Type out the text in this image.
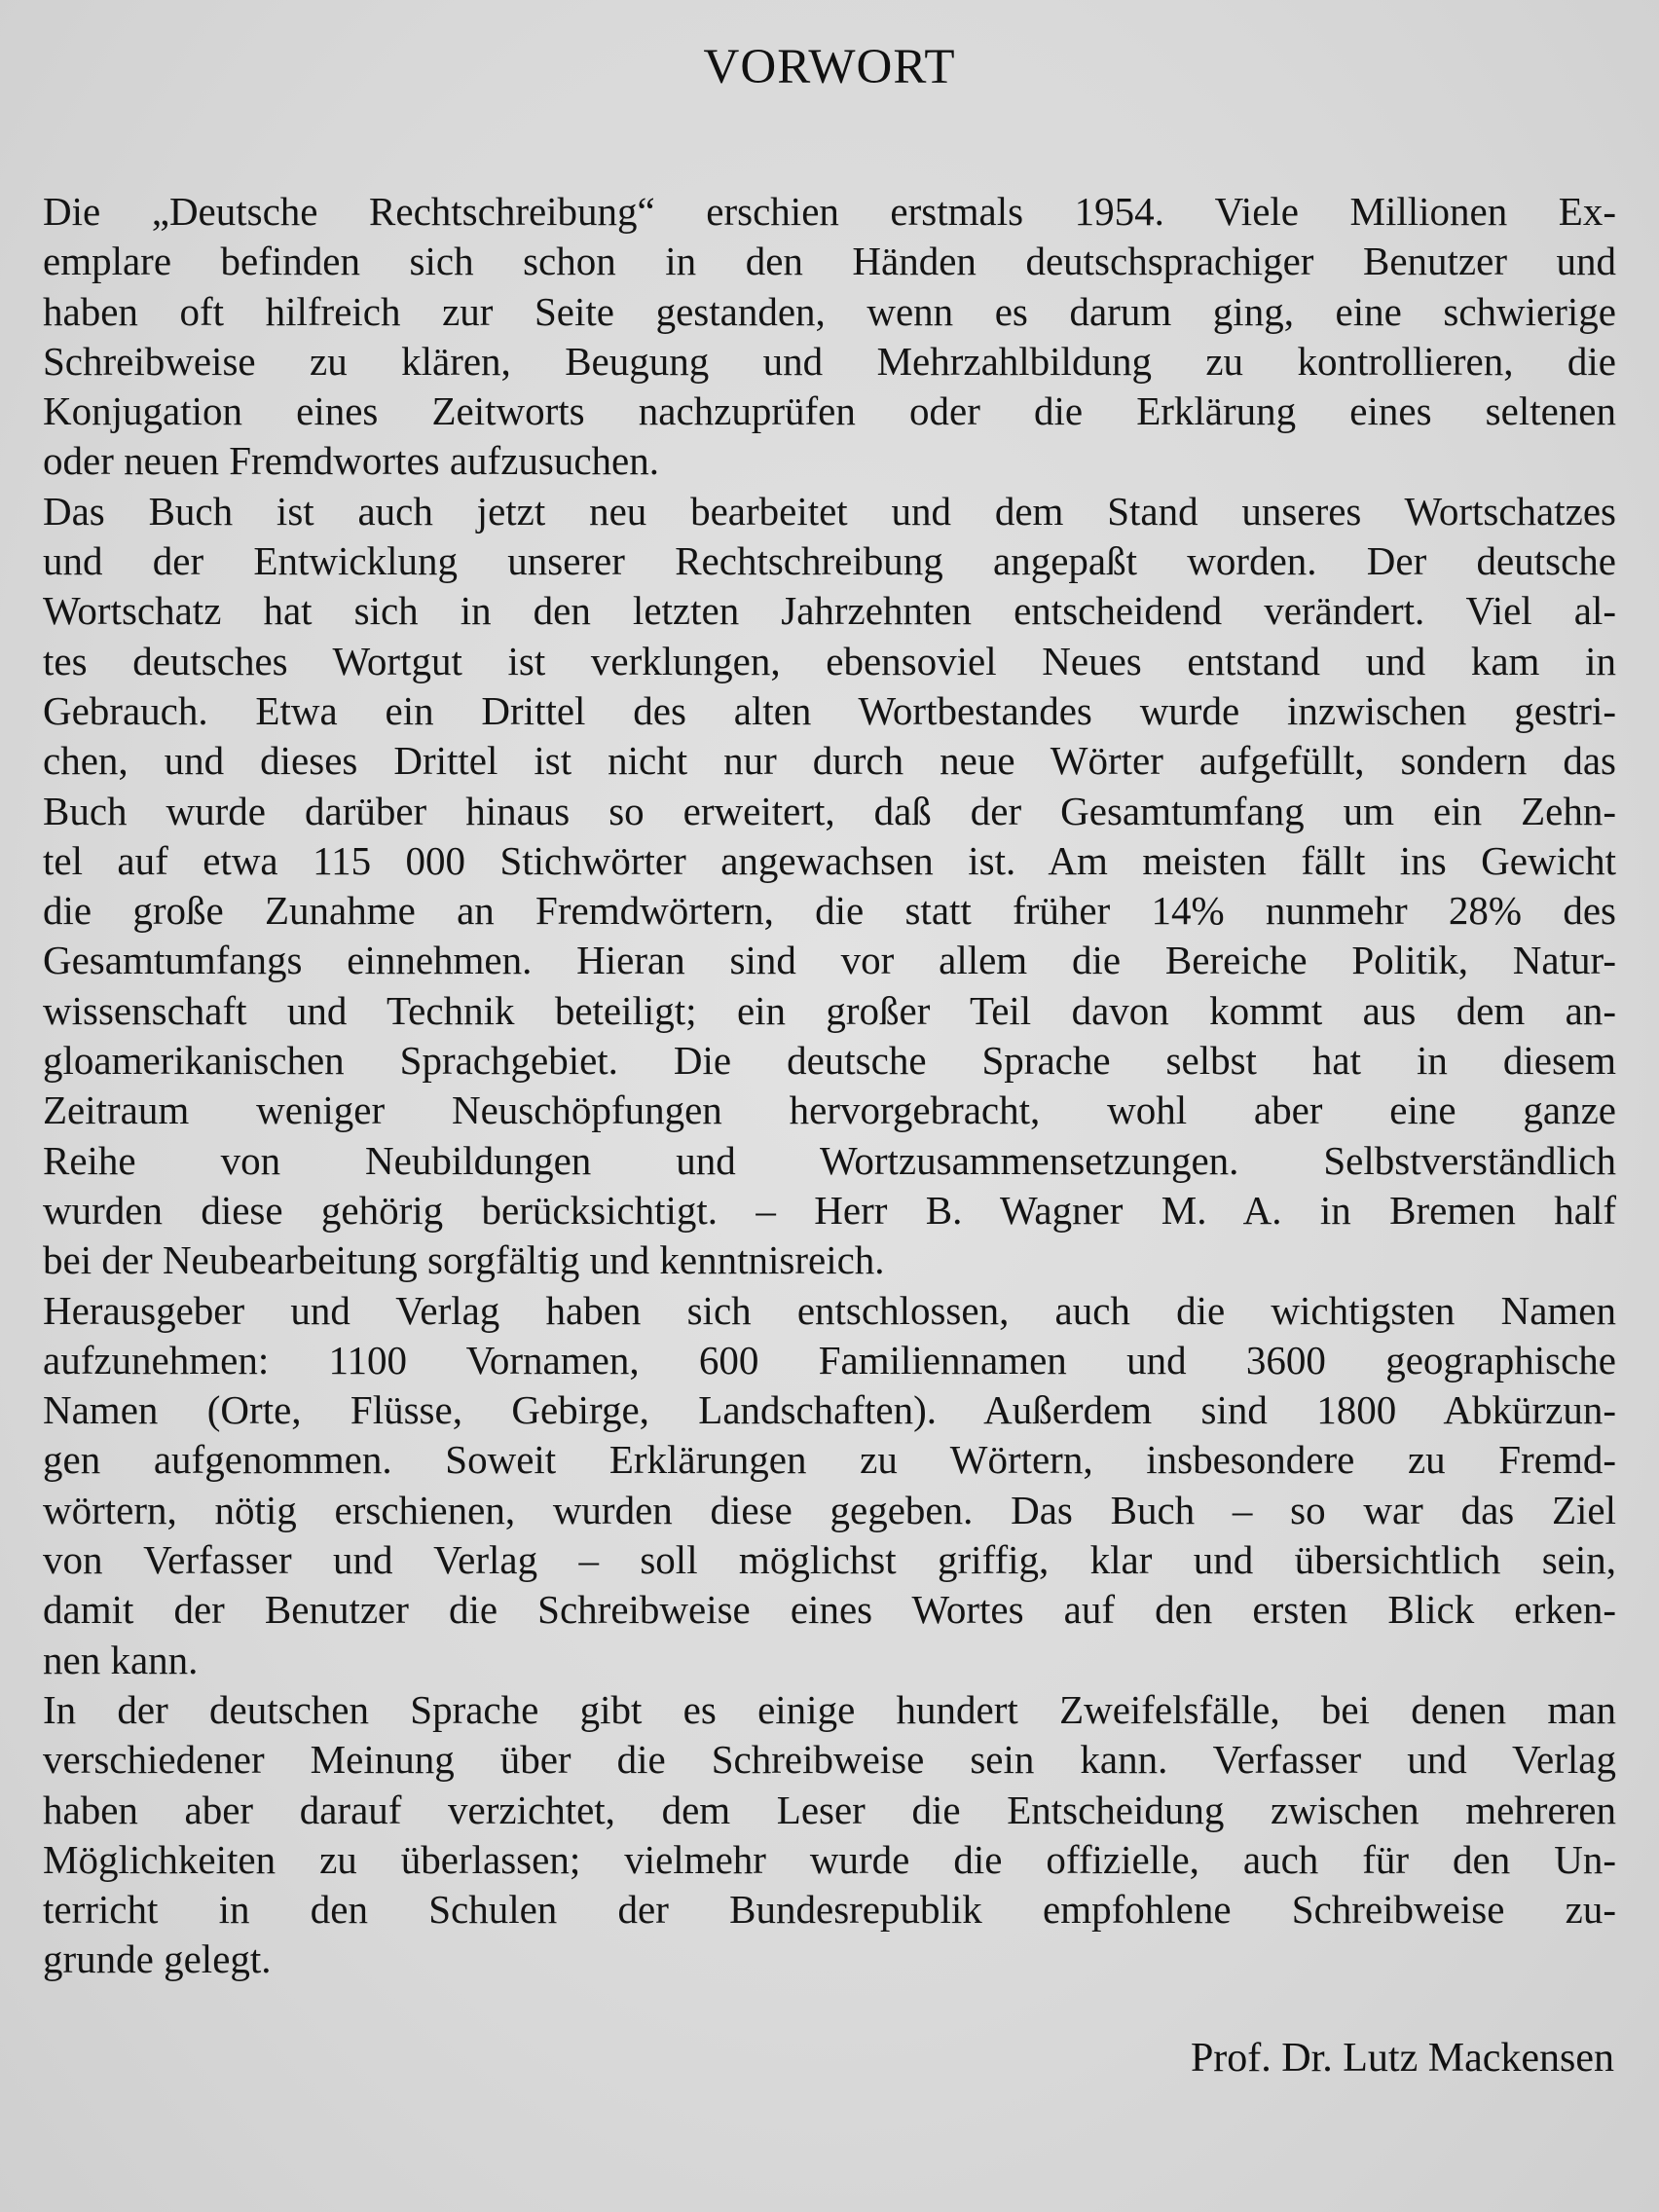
VORWORT
Die „Deutsche Rechtschreibung“ erschien erstmals 1954. Viele Millionen Ex-
emplare befinden sich schon in den Händen deutschsprachiger Benutzer und
haben oft hilfreich zur Seite gestanden, wenn es darum ging, eine schwierige
Schreibweise zu klären, Beugung und Mehrzahlbildung zu kontrollieren, die
Konjugation eines Zeitworts nachzuprüfen oder die Erklärung eines seltenen
oder neuen Fremdwortes aufzusuchen.
Das Buch ist auch jetzt neu bearbeitet und dem Stand unseres Wortschatzes
und der Entwicklung unserer Rechtschreibung angepaßt worden. Der deutsche
Wortschatz hat sich in den letzten Jahrzehnten entscheidend verändert. Viel al-
tes deutsches Wortgut ist verklungen, ebensoviel Neues entstand und kam in
Gebrauch. Etwa ein Drittel des alten Wortbestandes wurde inzwischen gestri-
chen, und dieses Drittel ist nicht nur durch neue Wörter aufgefüllt, sondern das
Buch wurde darüber hinaus so erweitert, daß der Gesamtumfang um ein Zehn-
tel auf etwa 115 000 Stichwörter angewachsen ist. Am meisten fällt ins Gewicht
die große Zunahme an Fremdwörtern, die statt früher 14% nunmehr 28% des
Gesamtumfangs einnehmen. Hieran sind vor allem die Bereiche Politik, Natur-
wissenschaft und Technik beteiligt; ein großer Teil davon kommt aus dem an-
gloamerikanischen Sprachgebiet. Die deutsche Sprache selbst hat in diesem
Zeitraum weniger Neuschöpfungen hervorgebracht, wohl aber eine ganze
Reihe von Neubildungen und Wortzusammensetzungen. Selbstverständlich
wurden diese gehörig berücksichtigt. – Herr B. Wagner M. A. in Bremen half
bei der Neubearbeitung sorgfältig und kenntnisreich.
Herausgeber und Verlag haben sich entschlossen, auch die wichtigsten Namen
aufzunehmen: 1100 Vornamen, 600 Familiennamen und 3600 geographische
Namen (Orte, Flüsse, Gebirge, Landschaften). Außerdem sind 1800 Abkürzun-
gen aufgenommen. Soweit Erklärungen zu Wörtern, insbesondere zu Fremd-
wörtern, nötig erschienen, wurden diese gegeben. Das Buch – so war das Ziel
von Verfasser und Verlag – soll möglichst griffig, klar und übersichtlich sein,
damit der Benutzer die Schreibweise eines Wortes auf den ersten Blick erken-
nen kann.
In der deutschen Sprache gibt es einige hundert Zweifelsfälle, bei denen man
verschiedener Meinung über die Schreibweise sein kann. Verfasser und Verlag
haben aber darauf verzichtet, dem Leser die Entscheidung zwischen mehreren
Möglichkeiten zu überlassen; vielmehr wurde die offizielle, auch für den Un-
terricht in den Schulen der Bundesrepublik empfohlene Schreibweise zu-
grunde gelegt.

Prof. Dr. Lutz Mackensen
